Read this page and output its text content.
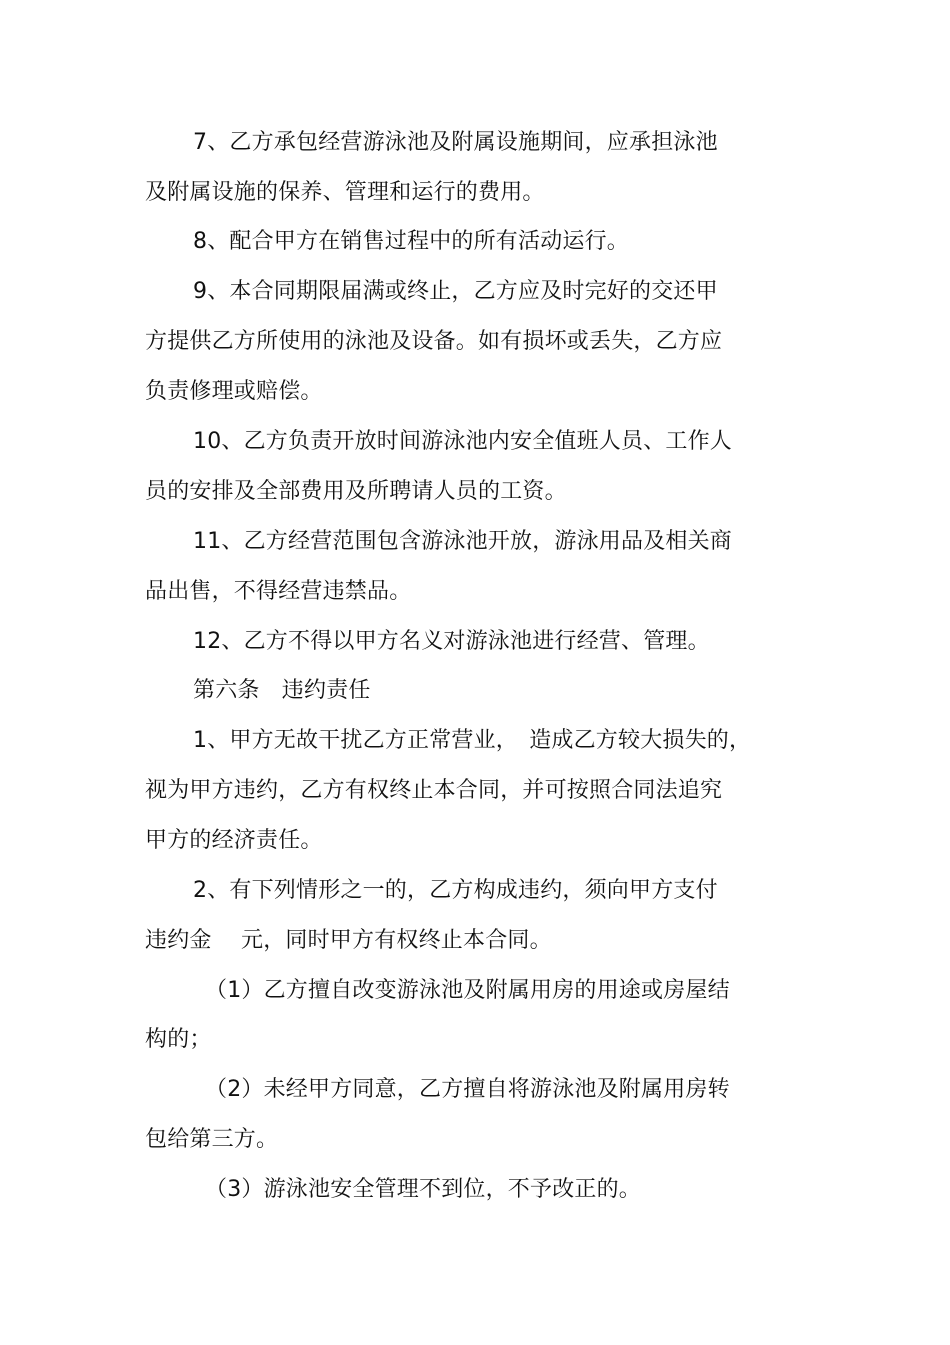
7、乙方承包经营游泳池及附属设施期间，应承担泳池
及附属设施的保养、管理和运行的费用。
8、配合甲方在销售过程中的所有活动运行。
9、本合同期限届满或终止，乙方应及时完好的交还甲
方提供乙方所使用的泳池及设备。如有损坏或丢失，乙方应
负责修理或赔偿。
10、乙方负责开放时间游泳池内安全值班人员、工作人
员的安排及全部费用及所聘请人员的工资。
11、乙方经营范围包含游泳池开放，游泳用品及相关商
品出售，不得经营违禁品。
12、乙方不得以甲方名义对游泳池进行经营、管理。
第六条　违约责任
1、甲方无故干扰乙方正常营业，　造成乙方较大损失的，
视为甲方违约，乙方有权终止本合同，并可按照合同法追究
甲方的经济责任。
2、有下列情形之一的，乙方构成违约，须向甲方支付
违约金　 元，同时甲方有权终止本合同。
（1）乙方擅自改变游泳池及附属用房的用途或房屋结
构的；
（2）未经甲方同意，乙方擅自将游泳池及附属用房转
包给第三方。
（3）游泳池安全管理不到位，不予改正的。
